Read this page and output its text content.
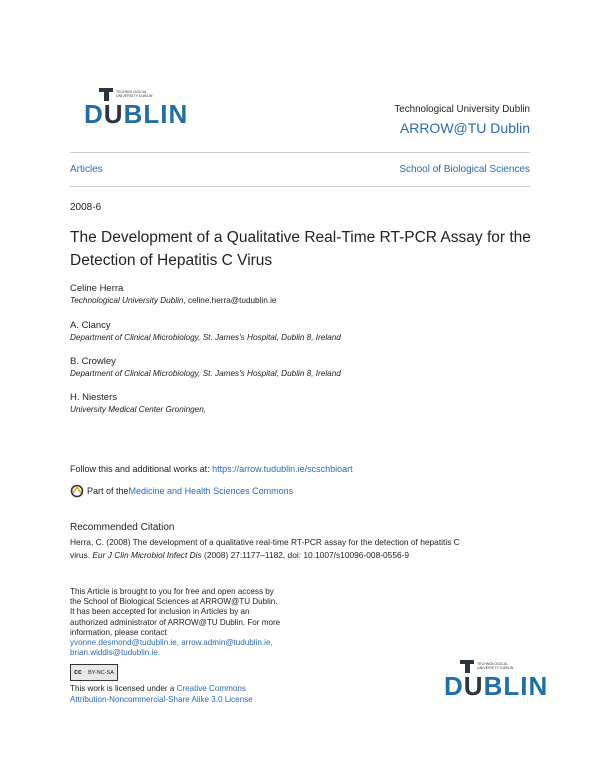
TECHNOLOGICAL UNIVERSITY DUBLIN
DUBLIN	Technological University Dublin
ARROW@TU Dublin
Articles	School of Biological Sciences
2008-6
The Development of a Qualitative Real-Time RT-PCR Assay for the Detection of Hepatitis C Virus
Celine Herra
Technological University Dublin, celine.herra@tudublin.ie
A. Clancy
Department of Clinical Microbiology, St. James's Hospital, Dublin 8, Ireland
B. Crowley
Department of Clinical Microbiology, St. James's Hospital, Dublin 8, Ireland
H. Niesters
University Medical Center Groningen,
Follow this and additional works at: https://arrow.tudublin.ie/scschbioart
Part of the Medicine and Health Sciences Commons
Recommended Citation
Herra, C. (2008) The development of a qualitative real-time RT-PCR assay for the detection of hepatitis C
virus. Eur J Clin Microbiol Infect Dis (2008) 27:1177–1182, doi: 10.1007/s10096-008-0556-9
This Article is brought to you for free and open access by
the School of Biological Sciences at ARROW@TU Dublin.
It has been accepted for inclusion in Articles by an
authorized administrator of ARROW@TU Dublin. For more
information, please contact
yvonne.desmond@tudublin.ie, arrow.admin@tudublin.ie,
brian.widdis@tudublin.ie.
cc BY-NC-SA
This work is licensed under a Creative Commons
Attribution-Noncommercial-Share Alike 3.0 License
TECHNOLOGICAL UNIVERSITY DUBLIN
DUBLIN
